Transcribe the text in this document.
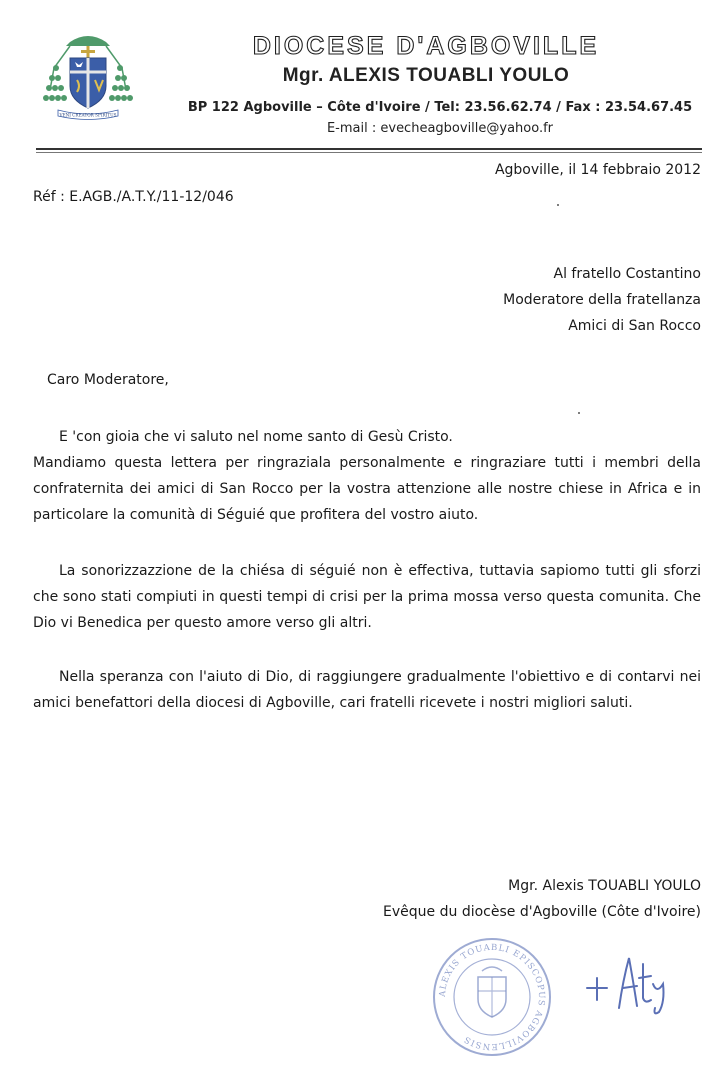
VENI CREATOR SPIRITUS
DIOCESE D'AGBOVILLE
Mgr. ALEXIS TOUABLI YOULO
BP 122 Agboville – Côte d'Ivoire / Tel: 23.56.62.74 / Fax : 23.54.67.45
E-mail : evecheagboville@yahoo.fr
Agboville, il 14 febbraio 2012
Réf : E.AGB./A.T.Y./11-12/046
Al fratello Costantino
Moderatore della fratellanza
Amici di San Rocco
Caro Moderatore,
E 'con gioia che vi saluto nel nome santo di Gesù Cristo.
Mandiamo questa lettera per ringraziala personalmente e ringraziare tutti i membri della confraternita dei amici di San Rocco per la vostra attenzione alle nostre chiese in Africa e in particolare la comunità di Séguié que profitera del vostro aiuto.
La sonorizzazzione de la chiésa di séguié non è effectiva, tuttavia sapiomo tutti gli sforzi che sono stati compiuti in questi tempi di crisi per la prima mossa verso questa comunita. Che Dio vi Benedica per questo amore verso gli altri.
Nella speranza con l'aiuto di Dio, di raggiungere gradualmente l'obiettivo e di contarvi nei amici benefattori della diocesi di Agboville, cari fratelli ricevete i nostri migliori saluti.
Mgr. Alexis TOUABLI YOULO
Evêque du diocèse d'Agboville (Côte d'Ivoire)
ALEXIS TOUABLI EPISCOPUS AGBOVILLENSIS
+ Aty
